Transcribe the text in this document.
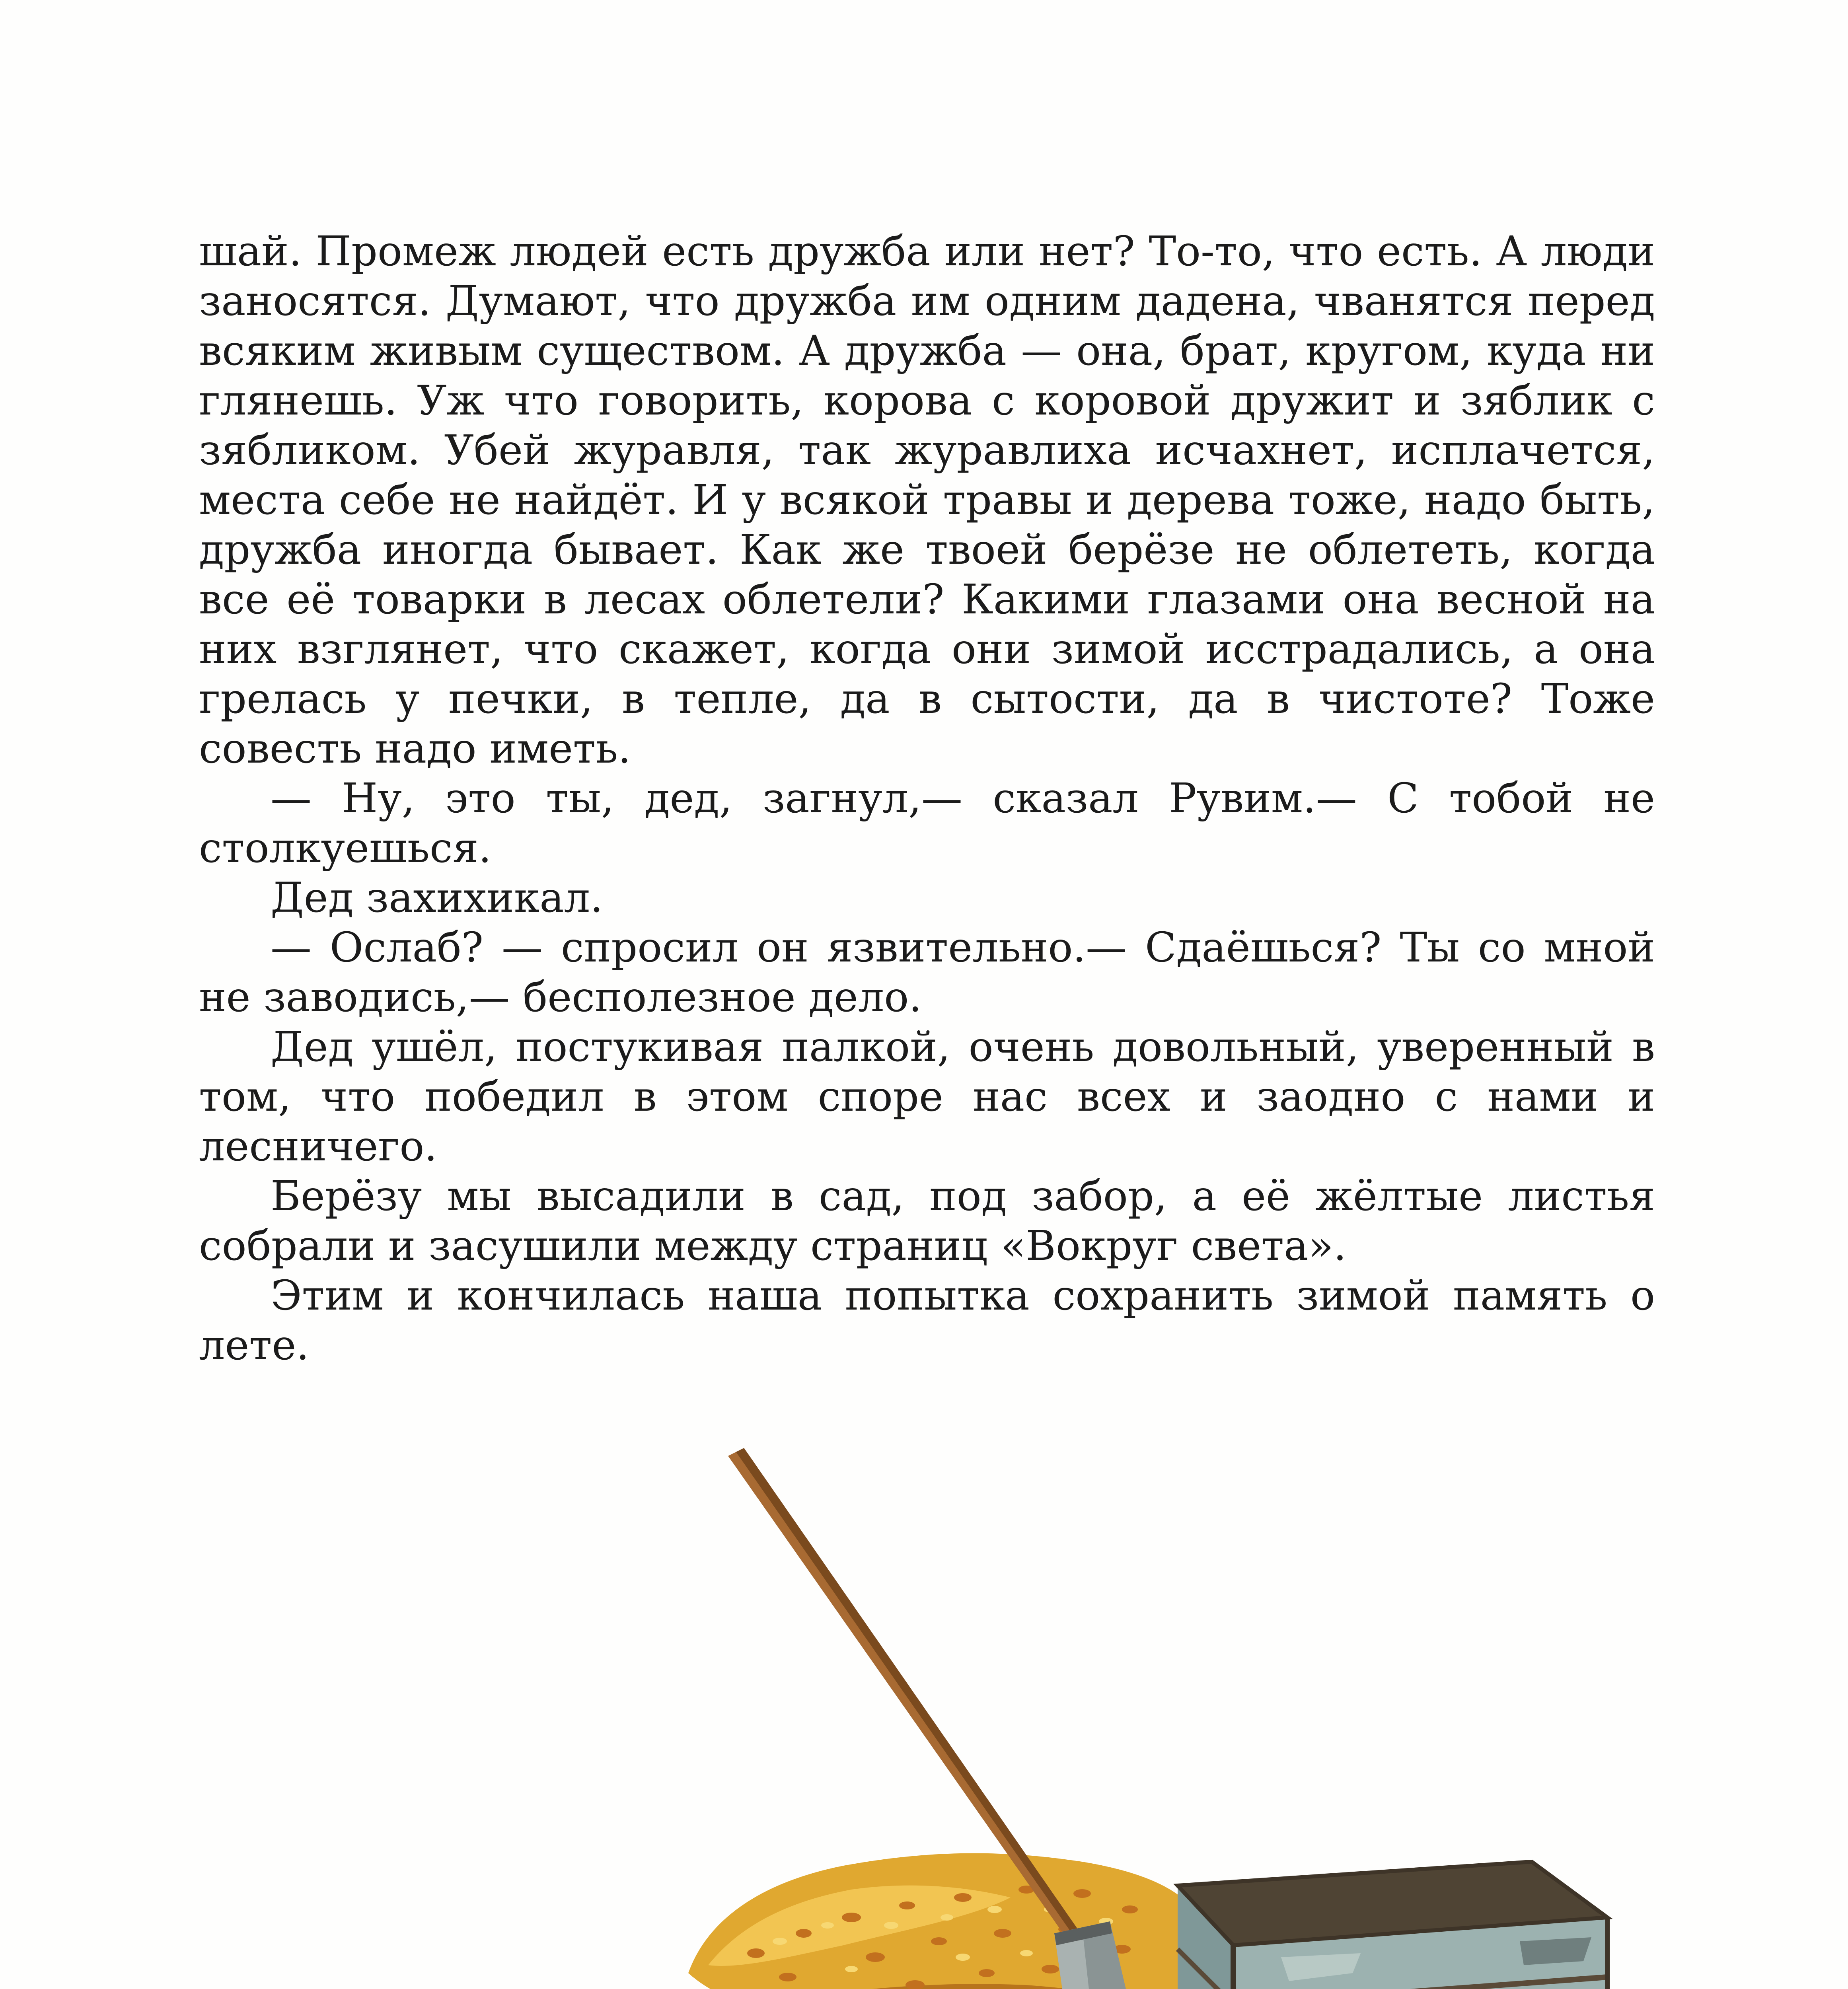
шай. Промеж людей есть дружба или нет? То-то, что есть. А люди заносятся. Думают, что дружба им одним дадена, чванятся перед всяким живым существом. А дружба — она, брат, кругом, куда ни глянешь. Уж что говорить, корова с коровой дружит и зяблик с зябликом. Убей журавля, так журавлиха исчахнет, исплачется, места себе не найдёт. И у всякой травы и дерева тоже, надо быть, дружба иногда бывает. Как же твоей берёзе не облететь, когда все её товарки в лесах облетели? Какими глазами она весной на них взглянет, что скажет, когда они зимой исстрадались, а она грелась у печки, в тепле, да в сытости, да в чистоте? Тоже совесть надо иметь.

— Ну, это ты, дед, загнул,— сказал Рувим.— С тобой не столкуешься.

Дед захихикал.

— Ослаб? — спросил он язвительно.— Сдаёшься? Ты со мной не заводись,— бесполезное дело.

Дед ушёл, постукивая палкой, очень довольный, уверенный в том, что победил в этом споре нас всех и заодно с нами и лесничего.

Берёзу мы высадили в сад, под забор, а её жёлтые листья собрали и засушили между страниц «Вокруг света».

Этим и кончилась наша попытка сохранить зимой память о лете.
